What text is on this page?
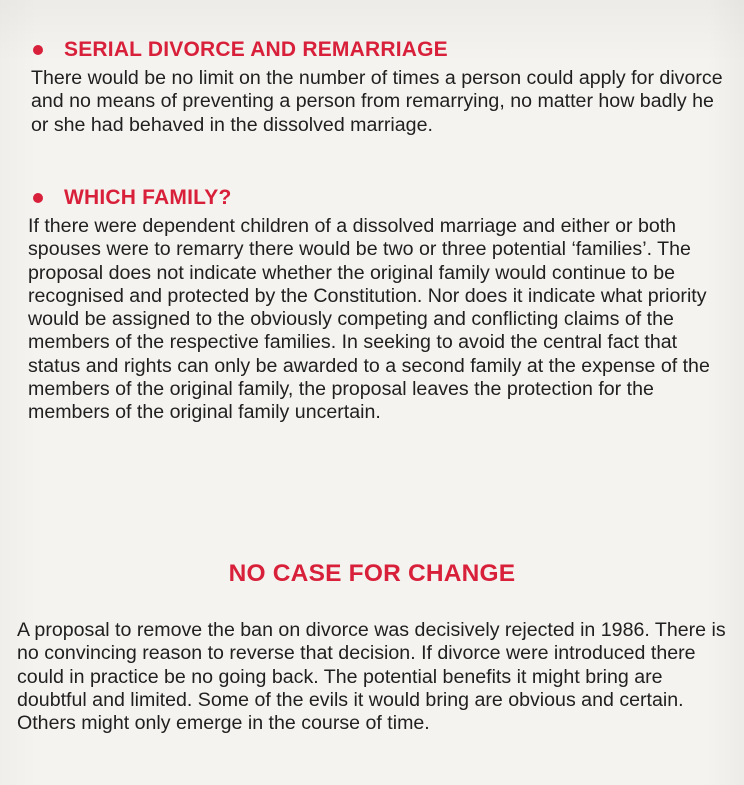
SERIAL DIVORCE AND REMARRIAGE

There would be no limit on the number of times a person could apply for divorce and no means of preventing a person from remarrying, no matter how badly he or she had behaved in the dissolved marriage.

WHICH FAMILY?

If there were dependent children of a dissolved marriage and either or both spouses were to remarry there would be two or three potential ‘families’. The proposal does not indicate whether the original family would continue to be recognised and protected by the Constitution. Nor does it indicate what priority would be assigned to the obviously competing and conflicting claims of the members of the respective families. In seeking to avoid the central fact that status and rights can only be awarded to a second family at the expense of the members of the original family, the proposal leaves the protection for the members of the original family uncertain.

NO CASE FOR CHANGE

A proposal to remove the ban on divorce was decisively rejected in 1986. There is no convincing reason to reverse that decision. If divorce were introduced there could in practice be no going back. The potential benefits it might bring are doubtful and limited. Some of the evils it would bring are obvious and certain. Others might only emerge in the course of time.
